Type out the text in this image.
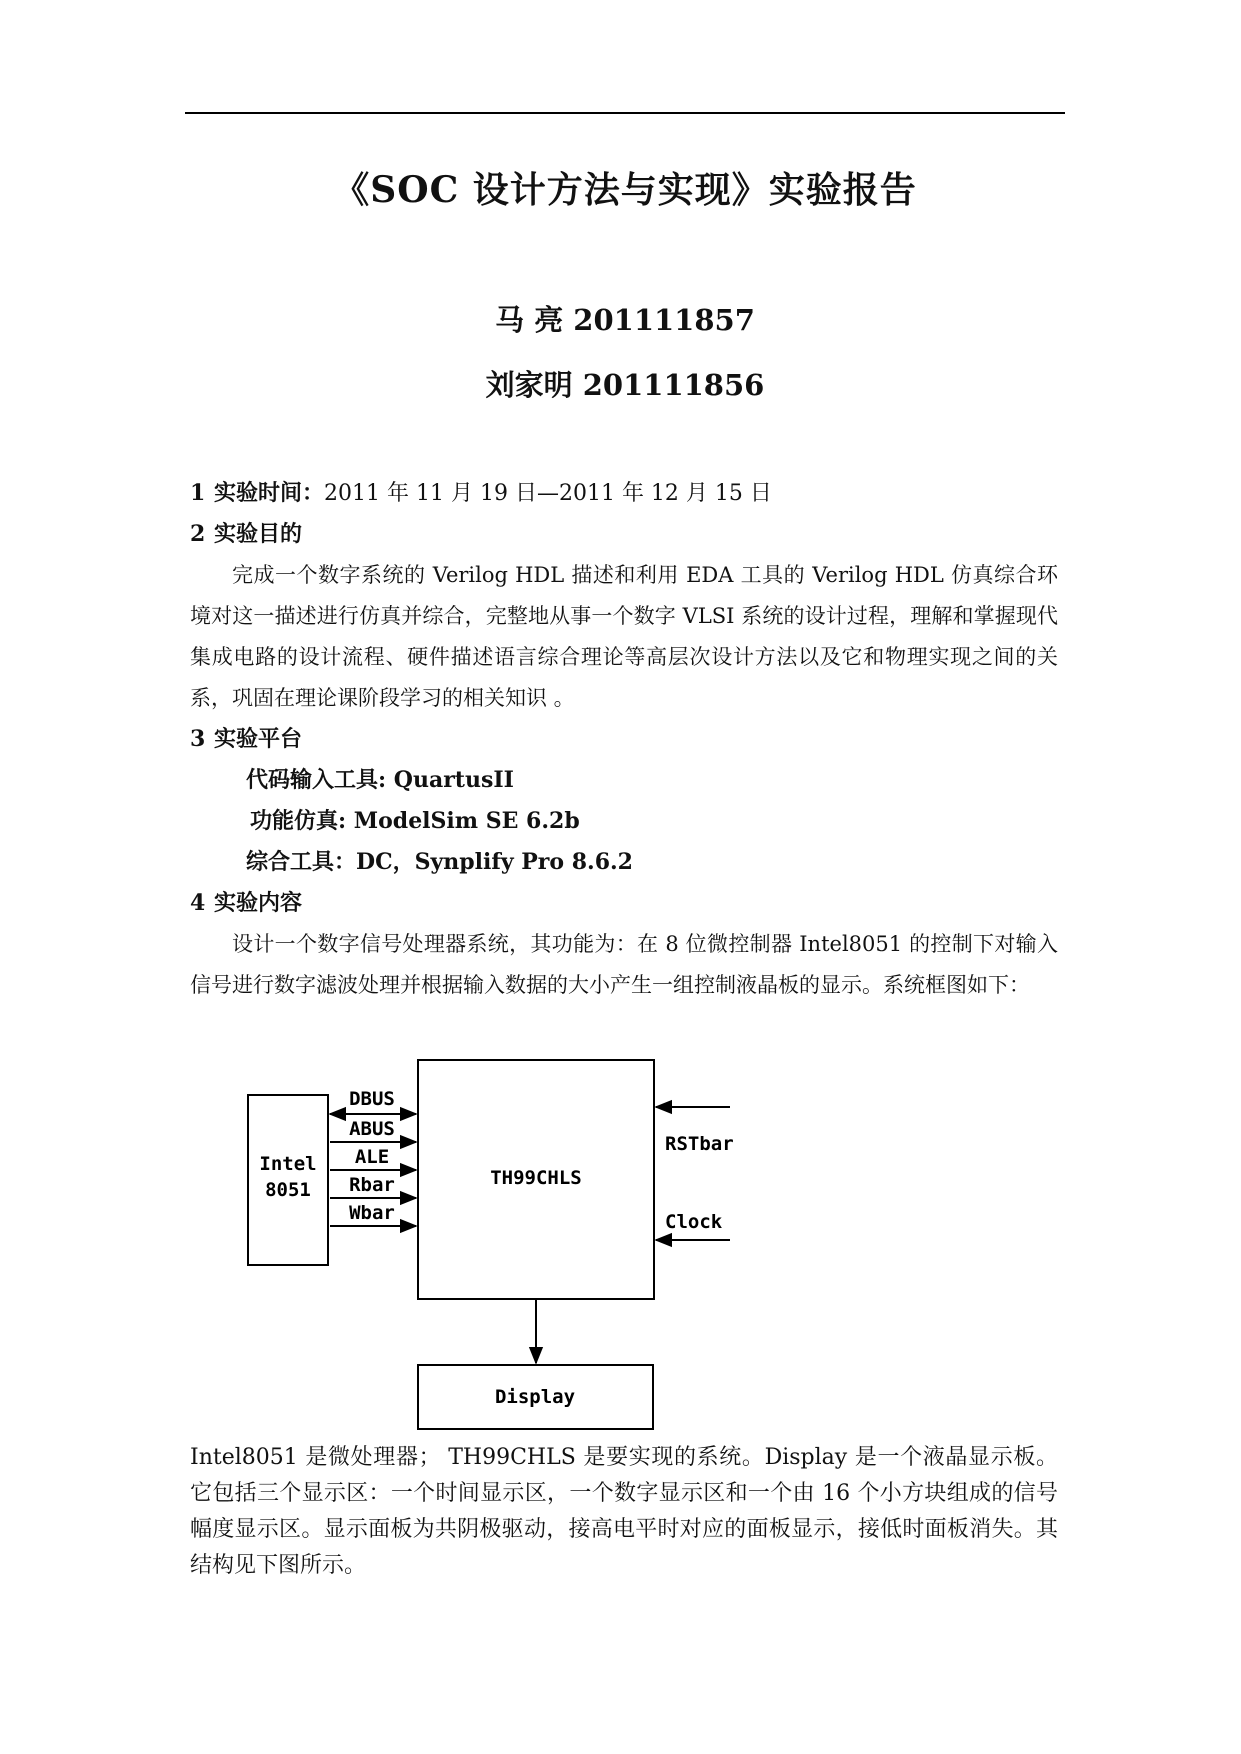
《SOC 设计方法与实现》实验报告
马 亮 201111857
刘家明 201111856
1 实验时间：2011 年 11 月 19 日—2011 年 12 月 15 日
2 实验目的
完成一个数字系统的 Verilog HDL 描述和利用 EDA 工具的 Verilog HDL 仿真综合环境对这一描述进行仿真并综合，完整地从事一个数字 VLSI 系统的设计过程，理解和掌握现代集成电路的设计流程、硬件描述语言综合理论等高层次设计方法以及它和物理实现之间的关系，巩固在理论课阶段学习的相关知识 。
3 实验平台
代码输入工具: QuartusII
功能仿真: ModelSim SE 6.2b
综合工具：DC，Synplify Pro 8.6.2
4 实验内容
设计一个数字信号处理器系统，其功能为：在 8 位微控制器 Intel8051 的控制下对输入信号进行数字滤波处理并根据输入数据的大小产生一组控制液晶板的显示。系统框图如下：
Intel
8051
TH99CHLS
Display
DBUS
ABUS
ALE
Rbar
Wbar
RSTbar
Clock
Intel8051 是微处理器； TH99CHLS 是要实现的系统。Display 是一个液晶显示板。它包括三个显示区：一个时间显示区，一个数字显示区和一个由 16 个小方块组成的信号幅度显示区。显示面板为共阴极驱动，接高电平时对应的面板显示，接低时面板消失。其结构见下图所示。
